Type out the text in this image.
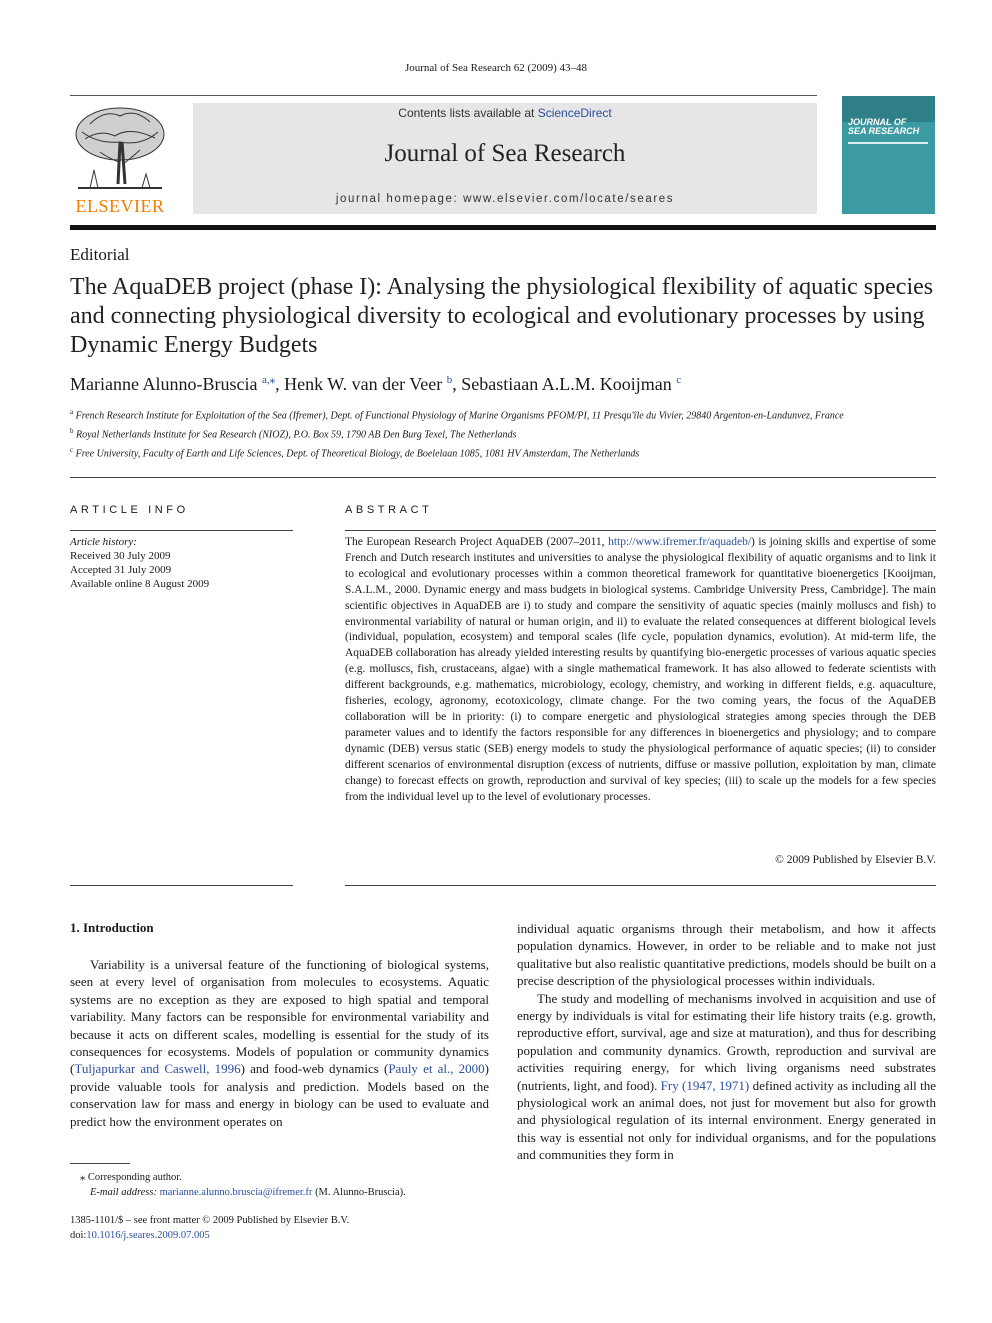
Journal of Sea Research 62 (2009) 43–48
ELSEVIER
Contents lists available at ScienceDirect
Journal of Sea Research
journal homepage: www.elsevier.com/locate/seares
JOURNAL OF
SEA RESEARCH
Editorial
The AquaDEB project (phase I): Analysing the physiological flexibility of aquatic species and connecting physiological diversity to ecological and evolutionary processes by using Dynamic Energy Budgets
Marianne Alunno-Bruscia $^{a,⁎}$, Henk W. van der Veer $^b$, Sebastiaan A.L.M. Kooijman $^c$
$^a$ French Research Institute for Exploitation of the Sea (Ifremer), Dept. of Functional Physiology of Marine Organisms PFOM/PI, 11 Presqu'île du Vivier, 29840 Argenton-en-Landunvez, France
$^b$ Royal Netherlands Institute for Sea Research (NIOZ), P.O. Box 59, 1790 AB Den Burg Texel, The Netherlands
$^c$ Free University, Faculty of Earth and Life Sciences, Dept. of Theoretical Biology, de Boelelaan 1085, 1081 HV Amsterdam, The Netherlands
ARTICLE INFO
Article history:
Received 30 July 2009
Accepted 31 July 2009
Available online 8 August 2009
ABSTRACT
The European Research Project AquaDEB (2007–2011, http://www.ifremer.fr/aquadeb/) is joining skills and expertise of some French and Dutch research institutes and universities to analyse the physiological flexibility of aquatic organisms and to link it to ecological and evolutionary processes within a common theoretical framework for quantitative bioenergetics [Kooijman, S.A.L.M., 2000. Dynamic energy and mass budgets in biological systems. Cambridge University Press, Cambridge]. The main scientific objectives in AquaDEB are i) to study and compare the sensitivity of aquatic species (mainly molluscs and fish) to environmental variability of natural or human origin, and ii) to evaluate the related consequences at different biological levels (individual, population, ecosystem) and temporal scales (life cycle, population dynamics, evolution). At mid-term life, the AquaDEB collaboration has already yielded interesting results by quantifying bio-energetic processes of various aquatic species (e.g. molluscs, fish, crustaceans, algae) with a single mathematical framework. It has also allowed to federate scientists with different backgrounds, e.g. mathematics, microbiology, ecology, chemistry, and working in different fields, e.g. aquaculture, fisheries, ecology, agronomy, ecotoxicology, climate change. For the two coming years, the focus of the AquaDEB collaboration will be in priority: (i) to compare energetic and physiological strategies among species through the DEB parameter values and to identify the factors responsible for any differences in bioenergetics and physiology; and to compare dynamic (DEB) versus static (SEB) energy models to study the physiological performance of aquatic species; (ii) to consider different scenarios of environmental disruption (excess of nutrients, diffuse or massive pollution, exploitation by man, climate change) to forecast effects on growth, reproduction and survival of key species; (iii) to scale up the models for a few species from the individual level up to the level of evolutionary processes.
© 2009 Published by Elsevier B.V.
1. Introduction

Variability is a universal feature of the functioning of biological systems, seen at every level of organisation from molecules to ecosystems. Aquatic systems are no exception as they are exposed to high spatial and temporal variability. Many factors can be responsible for environmental variability and because it acts on different scales, modelling is essential for the study of its consequences for ecosystems. Models of population or community dynamics (Tuljapurkar and Caswell, 1996) and food-web dynamics (Pauly et al., 2000) provide valuable tools for analysis and prediction. Models based on the conservation law for mass and energy in biology can be used to evaluate and predict how the environment operates on

individual aquatic organisms through their metabolism, and how it affects population dynamics. However, in order to be reliable and to make not just qualitative but also realistic quantitative predictions, models should be built on a precise description of the physiological processes within individuals.

The study and modelling of mechanisms involved in acquisition and use of energy by individuals is vital for estimating their life history traits (e.g. growth, reproductive effort, survival, age and size at maturation), and thus for describing population and community dynamics. Growth, reproduction and survival are activities requiring energy, for which living organisms need substrates (nutrients, light, and food). Fry (1947, 1971) defined activity as including all the physiological work an animal does, not just for movement but also for growth and physiological regulation of its internal environment. Energy generated in this way is essential not only for individual organisms, and for the populations and communities they form in

⁎ Corresponding author.
E-mail address: marianne.alunno.bruscia@ifremer.fr (M. Alunno-Bruscia).
1385-1101/$ – see front matter © 2009 Published by Elsevier B.V.
doi:10.1016/j.seares.2009.07.005
